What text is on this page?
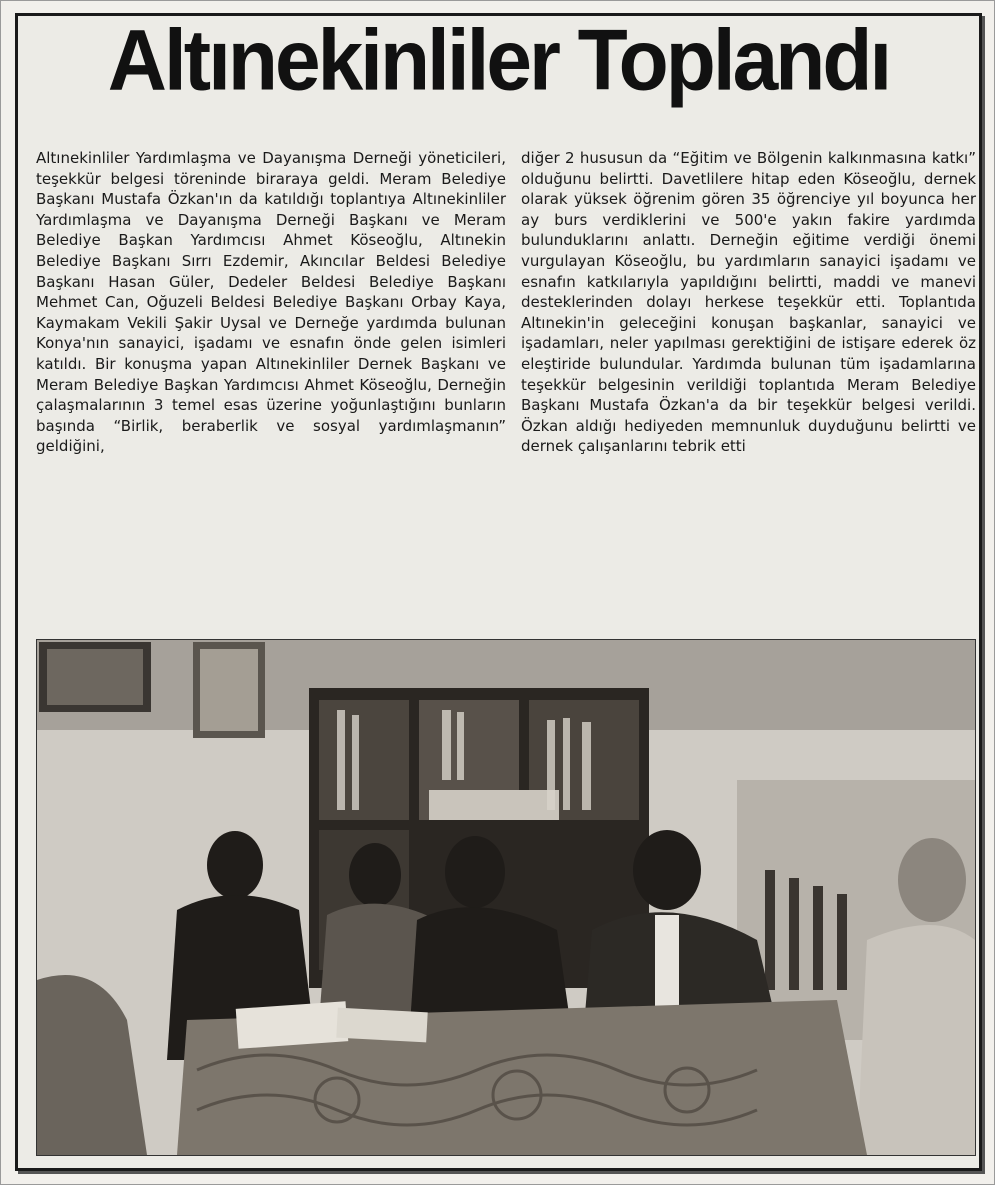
Altınekinliler Toplandı

Altınekinliler Yardımlaşma ve Dayanışma Derneği yöneticileri, teşekkür belgesi töreninde biraraya geldi. Meram Belediye Başkanı Mustafa Özkan'ın da katıldığı toplantıya Altınekinliler Yardımlaşma ve Dayanışma Derneği Başkanı ve Meram Belediye Başkan Yardımcısı Ahmet Köseoğlu, Altınekin Belediye Başkanı Sırrı Ezdemir, Akıncılar Beldesi Belediye Başkanı Hasan Güler, Dedeler Beldesi Belediye Başkanı Mehmet Can, Oğuzeli Beldesi Belediye Başkanı Orbay Kaya, Kaymakam Vekili Şakir Uysal ve Derneğe yardımda bulunan Konya'nın sanayici, işadamı ve esnafın önde gelen isimleri katıldı. Bir konuşma yapan Altınekinliler Dernek Başkanı ve Meram Belediye Başkan Yardımcısı Ahmet Köseoğlu, Derneğin çalaşmalarının 3 temel esas üzerine yoğunlaştığını bunların başında “Birlik, beraberlik ve sosyal yardımlaşmanın” geldiğini,

diğer 2 hususun da “Eğitim ve Bölgenin kalkınmasına katkı” olduğunu belirtti. Davetlilere hitap eden Köseoğlu, dernek olarak yüksek öğrenim gören 35 öğrenciye yıl boyunca her ay burs verdiklerini ve 500'e yakın fakire yardımda bulunduklarını anlattı. Derneğin eğitime verdiği önemi vurgulayan Köseoğlu, bu yardımların sanayici işadamı ve esnafın katkılarıyla yapıldığını belirtti, maddi ve manevi desteklerinden dolayı herkese teşekkür etti. Toplantıda Altınekin'in geleceğini konuşan başkanlar, sanayici ve işadamları, neler yapılması gerektiğini de istişare ederek öz eleştiride bulundular. Yardımda bulunan tüm işadamlarına teşekkür belgesinin verildiği toplantıda Meram Belediye Başkanı Mustafa Özkan'a da bir teşekkür belgesi verildi. Özkan aldığı hediyeden memnunluk duyduğunu belirtti ve dernek çalışanlarını tebrik etti
